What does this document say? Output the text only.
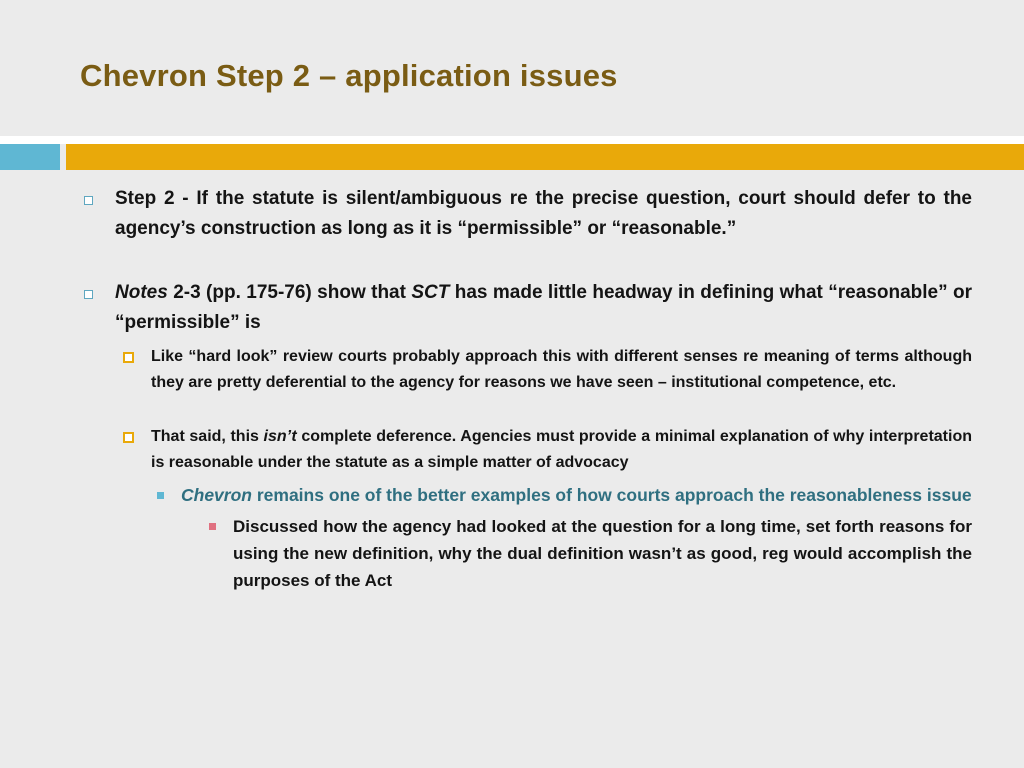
Chevron Step 2 – application issues
Step 2 - If the statute is silent/ambiguous re the precise question, court should defer to the agency’s construction as long as it is “permissible” or “reasonable.”
Notes 2-3 (pp. 175-76) show that SCT has made little headway in defining what “reasonable” or “permissible” is
Like “hard look” review courts probably approach this with different senses re meaning of terms although they are pretty deferential to the agency for reasons we have seen – institutional competence, etc.
That said, this isn’t complete deference. Agencies must provide a minimal explanation of why interpretation is reasonable under the statute as a simple matter of advocacy
Chevron remains one of the better examples of how courts approach the reasonableness issue
Discussed how the agency had looked at the question for a long time, set forth reasons for using the new definition, why the dual definition wasn’t as good, reg would accomplish the purposes of the Act
